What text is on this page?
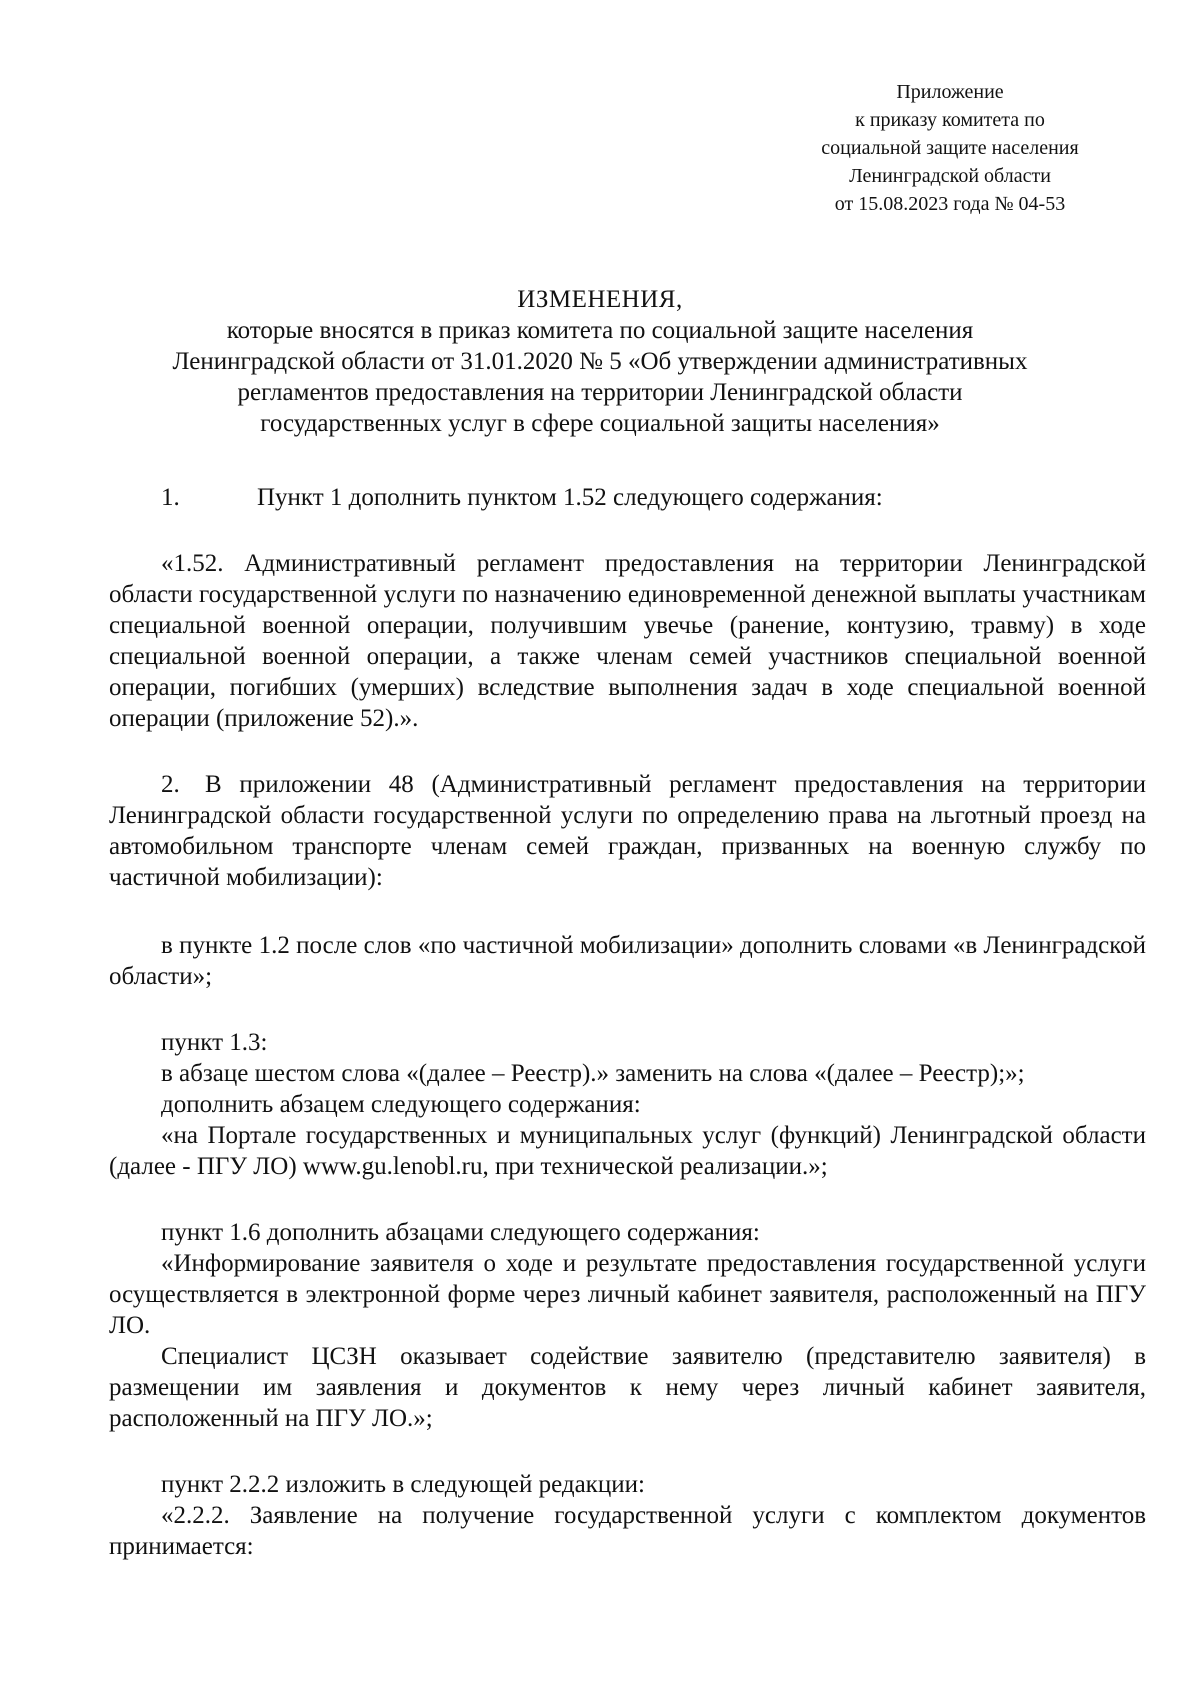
Приложение
к приказу комитета по
социальной защите населения
Ленинградской области
от 15.08.2023 года № 04-53
ИЗМЕНЕНИЯ,
которые вносятся в приказ комитета по социальной защите населения
Ленинградской области от 31.01.2020 № 5 «Об утверждении административных
регламентов предоставления на территории Ленинградской области
государственных услуг в сфере социальной защиты населения»

1.	Пункт 1 дополнить пунктом 1.52 следующего содержания:

«1.52. Административный регламент предоставления на территории Ленинградской области государственной услуги по назначению единовременной денежной выплаты участникам специальной военной операции, получившим увечье (ранение, контузию, травму) в ходе специальной военной операции, а также членам семей участников специальной военной операции, погибших (умерших) вследствие выполнения задач в ходе специальной военной операции (приложение 52).».

2. В приложении 48 (Административный регламент предоставления на территории Ленинградской области государственной услуги по определению права на льготный проезд на автомобильном транспорте членам семей граждан, призванных на военную службу по частичной мобилизации):

в пункте 1.2 после слов «по частичной мобилизации» дополнить словами «в Ленинградской области»;

пункт 1.3:

в абзаце шестом слова «(далее – Реестр).» заменить на слова «(далее – Реестр);»;

дополнить абзацем следующего содержания:

«на Портале государственных и муниципальных услуг (функций) Ленинградской области (далее - ПГУ ЛО) www.gu.lenobl.ru, при технической реализации.»;

пункт 1.6 дополнить абзацами следующего содержания:

«Информирование заявителя о ходе и результате предоставления государственной услуги осуществляется в электронной форме через личный кабинет заявителя, расположенный на ПГУ ЛО.

Специалист ЦСЗН оказывает содействие заявителю (представителю заявителя) в размещении им заявления и документов к нему через личный кабинет заявителя, расположенный на ПГУ ЛО.»;

пункт 2.2.2 изложить в следующей редакции:

«2.2.2. Заявление на получение государственной услуги с комплектом документов принимается:
